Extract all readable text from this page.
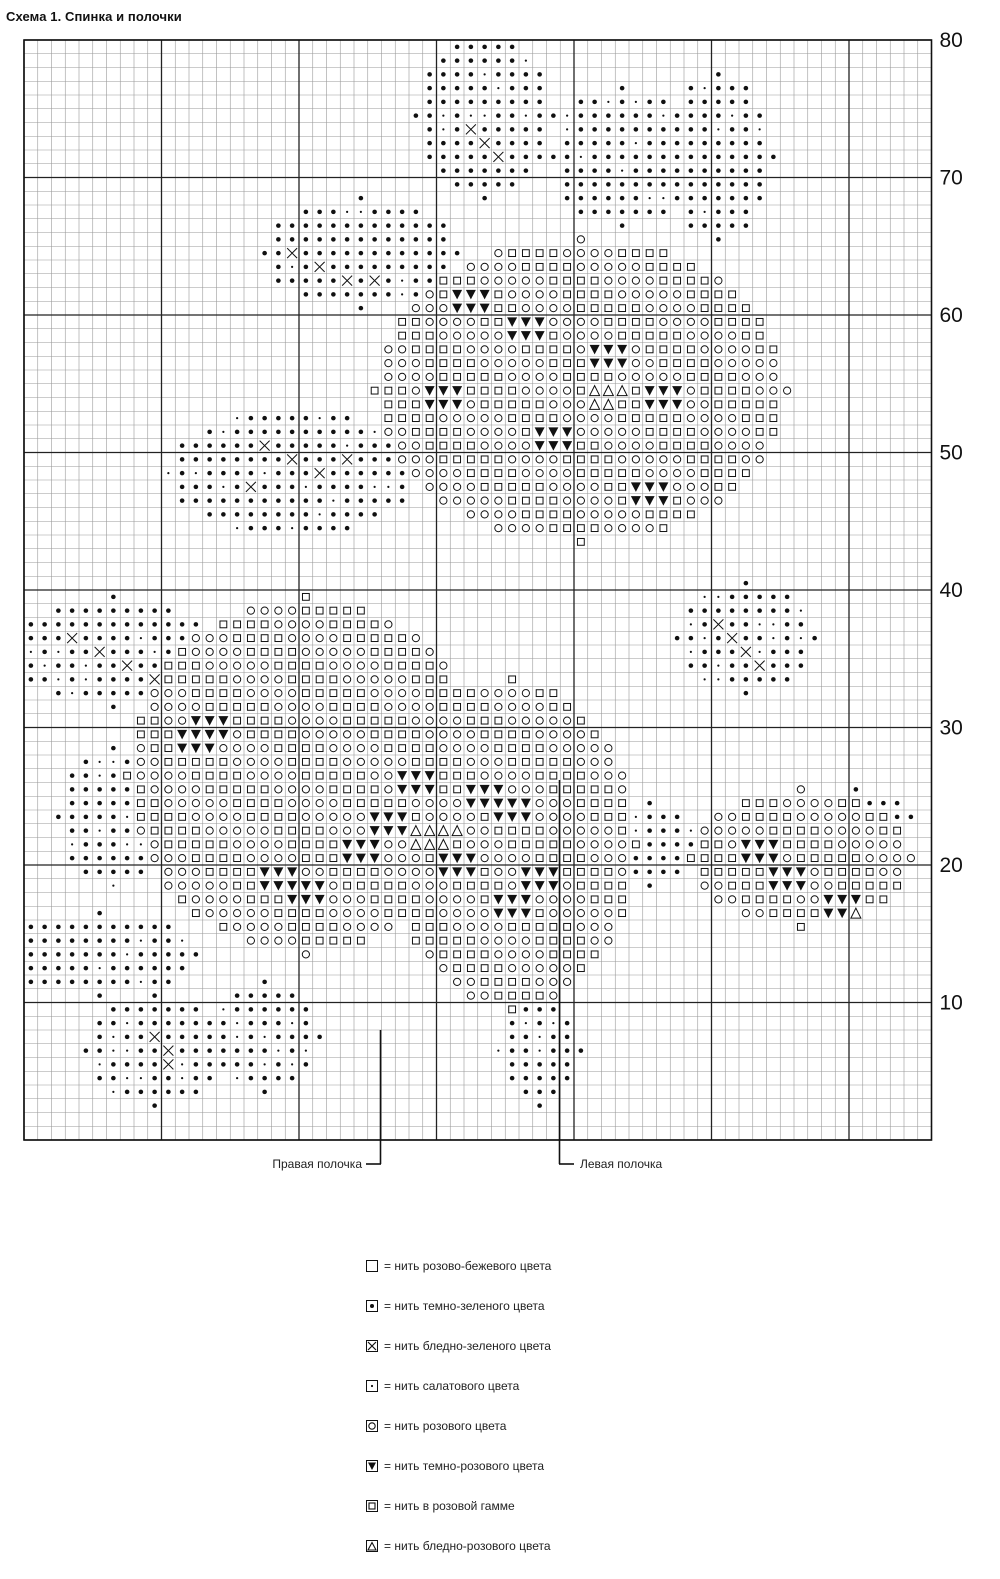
Схема 1. Спинка и полочки
10
20
30
40
50
60
70
80
Правая полочка	Левая полочка
= нить розово-бежевого цвета
= нить темно-зеленого цвета
= нить бледно-зеленого цвета
= нить салатового цвета
= нить розового цвета
= нить темно-розового цвета
= нить в розовой гамме
= нить бледно-розового цвета
